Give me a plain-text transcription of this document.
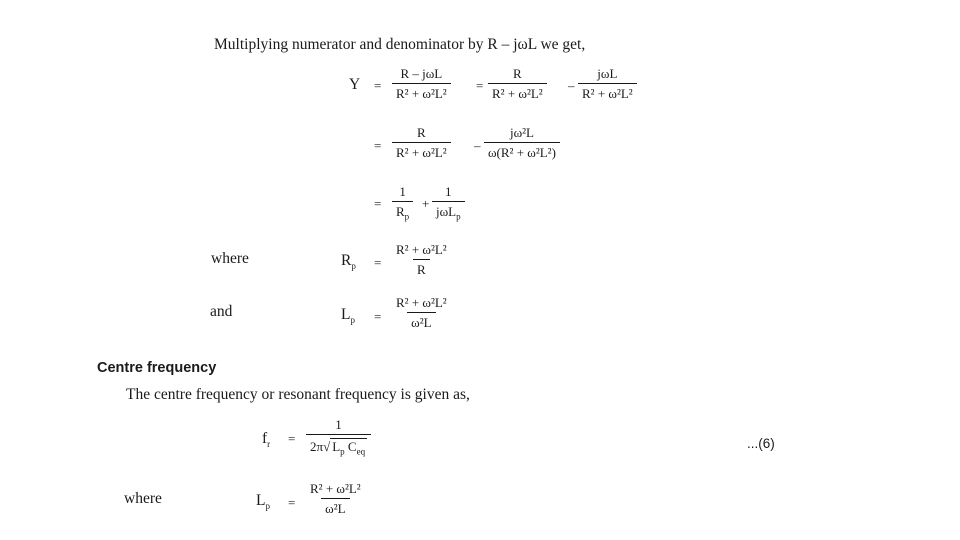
Multiplying numerator and denominator by R – jωL we get,
Y =
R – jωL
R² + ω²L²
= $\frac{R}{\text{R² + ω²L²}}$ –
jωL
R² + ω²L²
= $\frac{R}{\text{R² + ω²L²}} - \frac{\text{jω²L}}{\text{ω(R² + ω²L²)}}$
= $\frac{1}{R_p}$ +
1
jωL$_p$
where	$R_p = \frac{\text{R² + ω²L²}}{R}$
and	$L_p = \frac{\text{R² + ω²L²}}{\text{ω²L}}$
Centre frequency
The centre frequency or resonant frequency is given as,
$f_r$ =
1
2π√ $L_p$ $C_{eq}$
...(6)
where	$L_p = \frac{\text{R² + ω²L²}}{\text{ω²L}}$
